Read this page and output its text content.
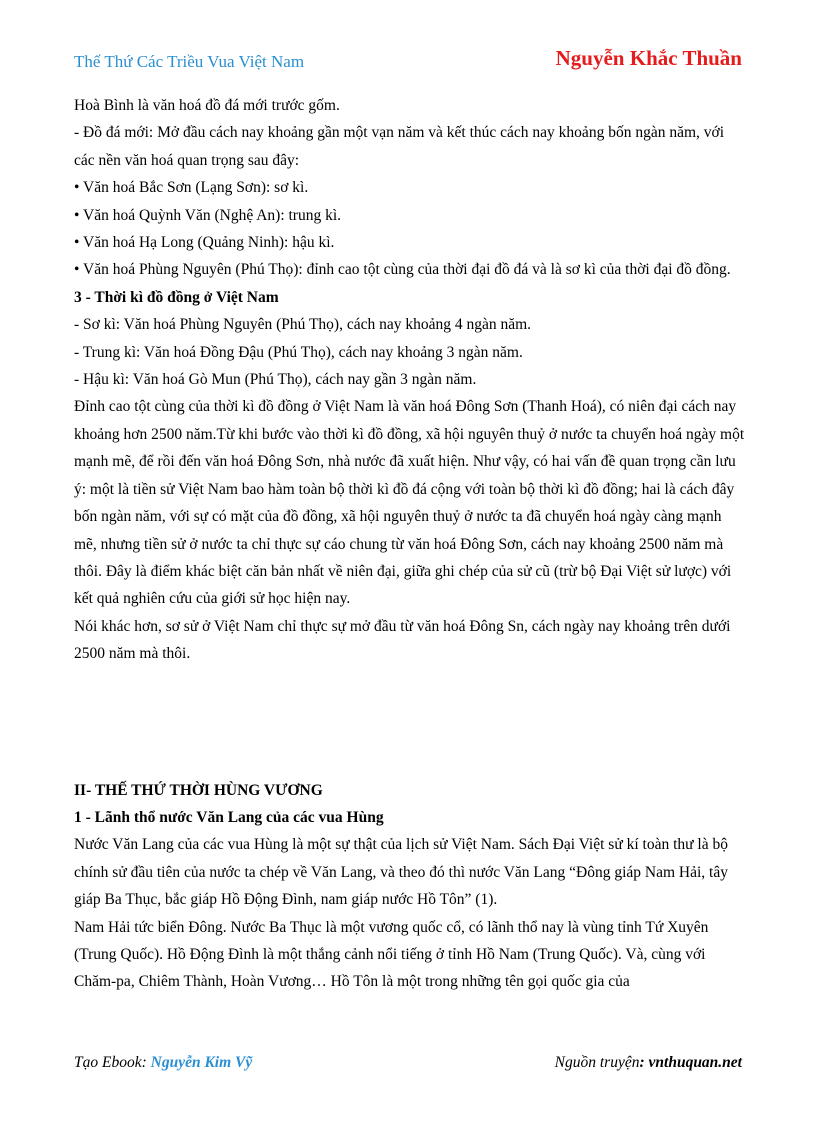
Thế Thứ Các Triều Vua Việt Nam	Nguyễn Khắc Thuần

Hoà Bình là văn hoá đồ đá mới trước gốm.

- Đồ đá mới: Mở đầu cách nay khoảng gần một vạn năm và kết thúc cách nay khoảng bốn ngàn năm, với các nền văn hoá quan trọng sau đây:

• Văn hoá Bắc Sơn (Lạng Sơn): sơ kì.

• Văn hoá Quỳnh Văn (Nghệ An): trung kì.

• Văn hoá Hạ Long (Quảng Ninh): hậu kì.

• Văn hoá Phùng Nguyên (Phú Thọ): đỉnh cao tột cùng của thời đại đồ đá và là sơ kì của thời đại đồ đồng.

3 - Thời kì đồ đồng ở Việt Nam

- Sơ kì: Văn hoá Phùng Nguyên (Phú Thọ), cách nay khoảng 4 ngàn năm.

- Trung kì: Văn hoá Đồng Đậu (Phú Thọ), cách nay khoảng 3 ngàn năm.

- Hậu kì: Văn hoá Gò Mun (Phú Thọ), cách nay gần 3 ngàn năm.

Đỉnh cao tột cùng của thời kì đồ đồng ở Việt Nam là văn hoá Đông Sơn (Thanh Hoá), có niên đại cách nay khoảng hơn 2500 năm.Từ khi bước vào thời kì đồ đồng, xã hội nguyên thuỷ ở nước ta chuyển hoá ngày một mạnh mẽ, để rồi đến văn hoá Đông Sơn, nhà nước đã xuất hiện. Như vậy, có hai vấn đề quan trọng cần lưu ý: một là tiền sử Việt Nam bao hàm toàn bộ thời kì đồ đá cộng với toàn bộ thời kì đồ đồng; hai là cách đây bốn ngàn năm, với sự có mặt của đồ đồng, xã hội nguyên thuỷ ở nước ta đã chuyển hoá ngày càng mạnh mẽ, nhưng tiền sử ở nước ta chỉ thực sự cáo chung từ văn hoá Đông Sơn, cách nay khoảng 2500 năm mà thôi. Đây là điểm khác biệt căn bản nhất về niên đại, giữa ghi chép của sử cũ (trừ bộ Đại Việt sử lược) với kết quả nghiên cứu của giới sử học hiện nay.

Nói khác hơn, sơ sử ở Việt Nam chỉ thực sự mở đầu từ văn hoá Đông Sn, cách ngày nay khoảng trên dưới 2500 năm mà thôi.

II- THẾ THỨ THỜI HÙNG VƯƠNG

1 - Lãnh thổ nước Văn Lang của các vua Hùng

Nước Văn Lang của các vua Hùng là một sự thật của lịch sử Việt Nam. Sách Đại Việt sử kí toàn thư là bộ chính sử đầu tiên của nước ta chép về Văn Lang, và theo đó thì nước Văn Lang “Đông giáp Nam Hải, tây giáp Ba Thục, bắc giáp Hồ Động Đình, nam giáp nước Hồ Tôn” (1).

Nam Hải tức biển Đông. Nước Ba Thục là một vương quốc cổ, có lãnh thổ nay là vùng tỉnh Tứ Xuyên (Trung Quốc). Hồ Động Đình là một thắng cảnh nổi tiếng ở tỉnh Hồ Nam (Trung Quốc). Và, cùng với Chăm-pa, Chiêm Thành, Hoàn Vương… Hồ Tôn là một trong những tên gọi quốc gia của

Tạo Ebook: Nguyễn Kim Vỹ	Nguồn truyện: vnthuquan.net
